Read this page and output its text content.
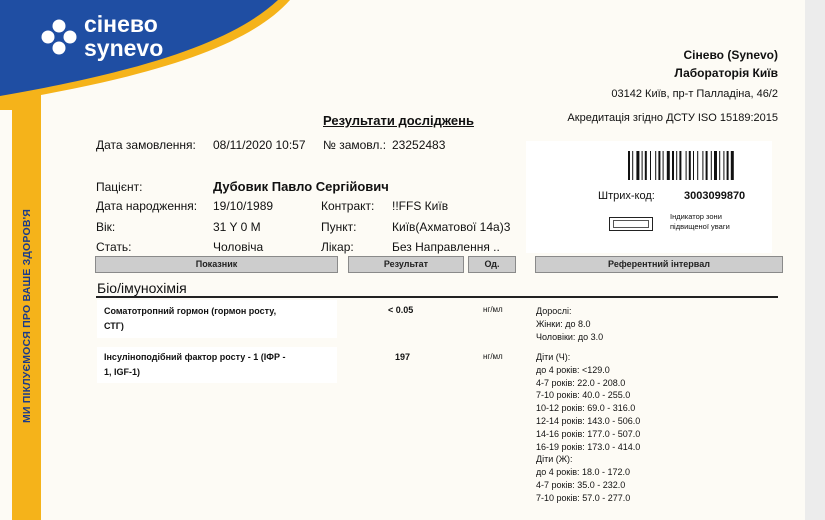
сінево
synevo
МИ ПІКЛУЄМОСЯ ПРО ВАШЕ ЗДОРОВ'Я
Сінево (Synevo)
Лабораторія Київ
03142 Київ, пр-т Палладіна, 46/2
Акредитація згідно ДСТУ ISO 15189:2015
Результати досліджень
Дата замовлення: 08/11/2020 10:57 № замовл.: 23252483
Штрих-код:	3003099870
Індикатор зони
підвищеної уваги
Пацієнт:	Дубовик Павло Сергійович
Дата народження: 19/10/1989	Контракт: !!FFS Київ
Вік:	31 Y 0 M	Пункт:	Київ(Ахматової 14а)3
Стать:	Чоловіча	Лікар:	Без Направлення ..
Показник	Результат	Од.	Референтний інтервал
Біо/імунохімія
Соматотропний гормон (гормон росту,
СТГ)
< 0.05	нг/мл	Дорослі:
Жінки: до 8.0
Чоловіки: до 3.0
Інсуліноподібний фактор росту - 1 (ІФР -
1, IGF-1)
197	нг/мл	Діти (Ч):
до 4 років: <129.0
4-7 років: 22.0 - 208.0
7-10 років: 40.0 - 255.0
10-12 років: 69.0 - 316.0
12-14 років: 143.0 - 506.0
14-16 років: 177.0 - 507.0
16-19 років: 173.0 - 414.0
Діти (Ж):
до 4 років: 18.0 - 172.0
4-7 років: 35.0 - 232.0
7-10 років: 57.0 - 277.0
